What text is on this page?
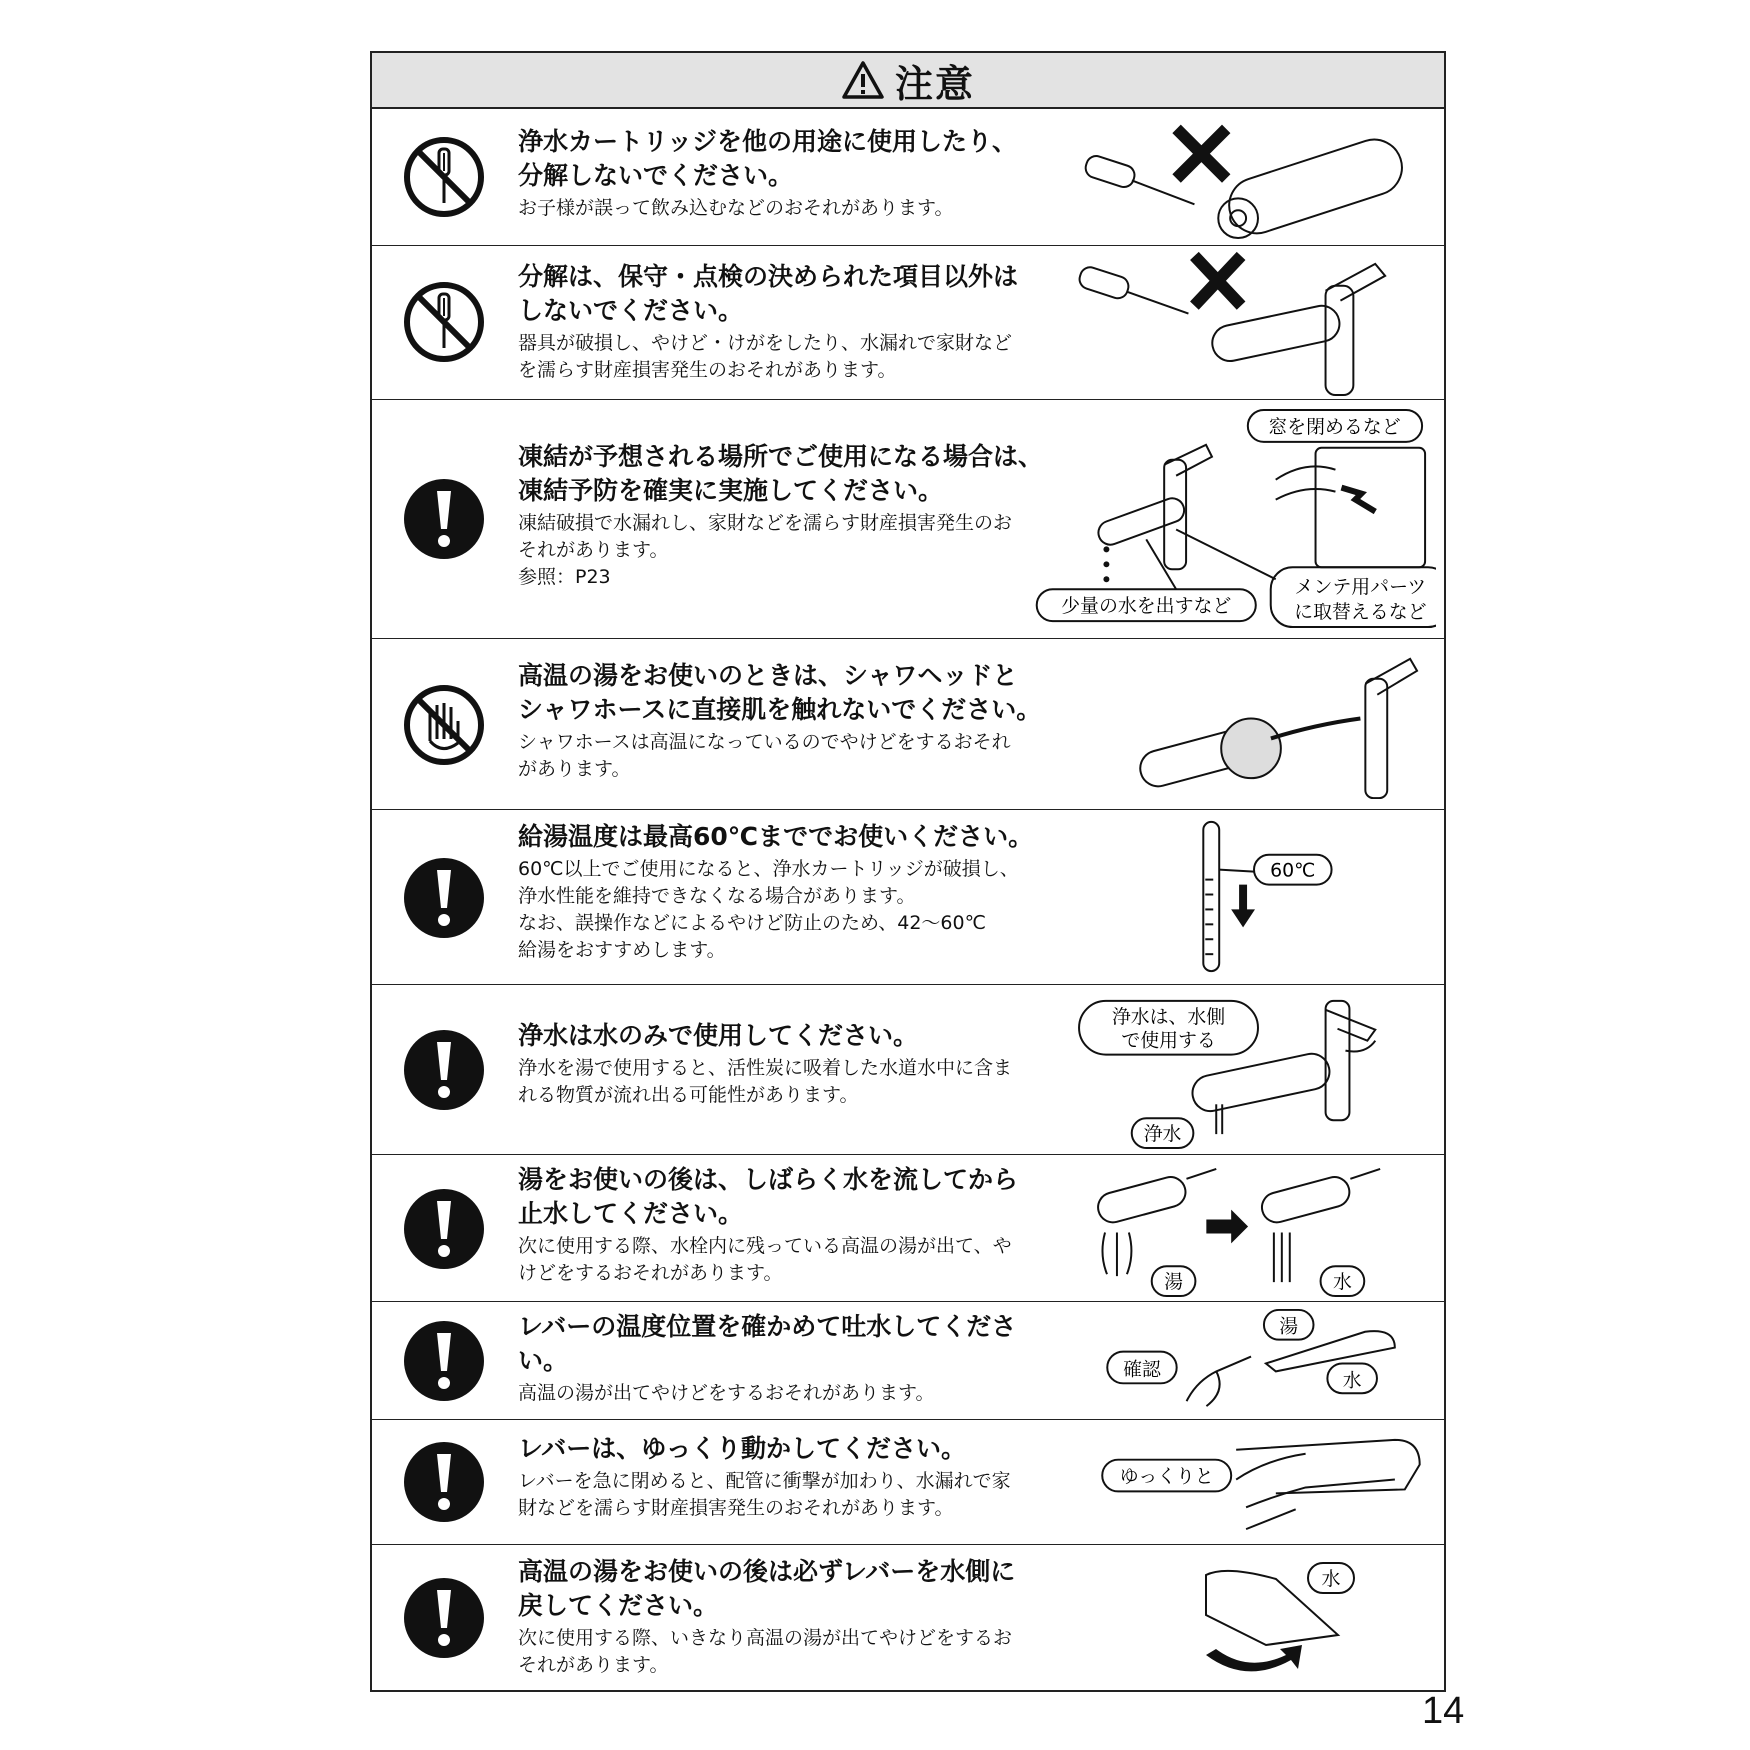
注意

浄水カートリッジを他の用途に使用したり、
分解しないでください。

お子様が誤って飲み込むなどのおそれがあります。

分解は、保守・点検の決められた項目以外は
しないでください。

器具が破損し、やけど・けがをしたり、水漏れで家財など
を濡らす財産損害発生のおそれがあります。

凍結が予想される場所でご使用になる場合は、
凍結予防を確実に実施してください。

凍結破損で水漏れし、家財などを濡らす財産損害発生のお
それがあります。
参照：P23

窓を閉めるなど
少量の水を出すなど
メンテ用パーツ
に取替えるなど

高温の湯をお使いのときは、シャワヘッドと
シャワホースに直接肌を触れないでください。

シャワホースは高温になっているのでやけどをするおそれ
があります。

給湯温度は最高60℃まででお使いください。

60℃以上でご使用になると、浄水カートリッジが破損し、
浄水性能を維持できなくなる場合があります。
なお、誤操作などによるやけど防止のため、42〜60℃
給湯をおすすめします。

60℃

浄水は水のみで使用してください。

浄水を湯で使用すると、活性炭に吸着した水道水中に含ま
れる物質が流れ出る可能性があります。

浄水は、水側
で使用する
浄水

湯をお使いの後は、しばらく水を流してから
止水してください。

次に使用する際、水栓内に残っている高温の湯が出て、や
けどをするおそれがあります。	湯	水

レバーの温度位置を確かめて吐水してくださ
い。

高温の湯が出てやけどをするおそれがあります。

湯
確認
水

レバーは、ゆっくり動かしてください。

レバーを急に閉めると、配管に衝撃が加わり、水漏れで家
財などを濡らす財産損害発生のおそれがあります。

ゆっくりと

高温の湯をお使いの後は必ずレバーを水側に
戻してください。

次に使用する際、いきなり高温の湯が出てやけどをするお
それがあります。

水
14
